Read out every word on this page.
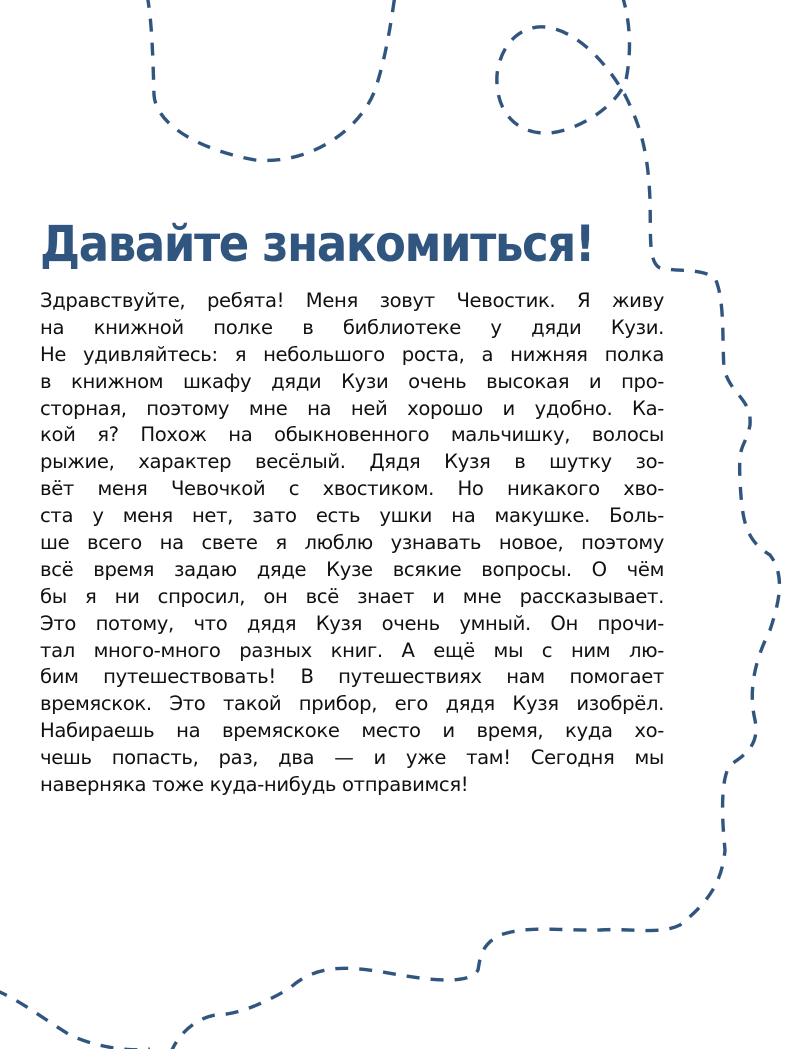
Давайте знакомиться!
Здравствуйте, ребята! Меня зовут Чевостик. Я живу
на книжной полке в библиотеке у дяди Кузи.
Не удивляйтесь: я небольшого роста, а нижняя полка
в книжном шкафу дяди Кузи очень высокая и про-
сторная, поэтому мне на ней хорошо и удобно. Ка-
кой я? Похож на обыкновенного мальчишку, волосы
рыжие, характер весёлый. Дядя Кузя в шутку зо-
вёт меня Чевочкой с хвостиком. Но никакого хво-
ста у меня нет, зато есть ушки на макушке. Боль-
ше всего на свете я люблю узнавать новое, поэтому
всё время задаю дяде Кузе всякие вопросы. О чём
бы я ни спросил, он всё знает и мне рассказывает.
Это потому, что дядя Кузя очень умный. Он прочи-
тал много-много разных книг. А ещё мы с ним лю-
бим путешествовать! В путешествиях нам помогает
времяскок. Это такой прибор, его дядя Кузя изобрёл.
Набираешь на времяскоке место и время, куда хо-
чешь попасть, раз, два — и уже там! Сегодня мы
наверняка тоже куда-нибудь отправимся!
